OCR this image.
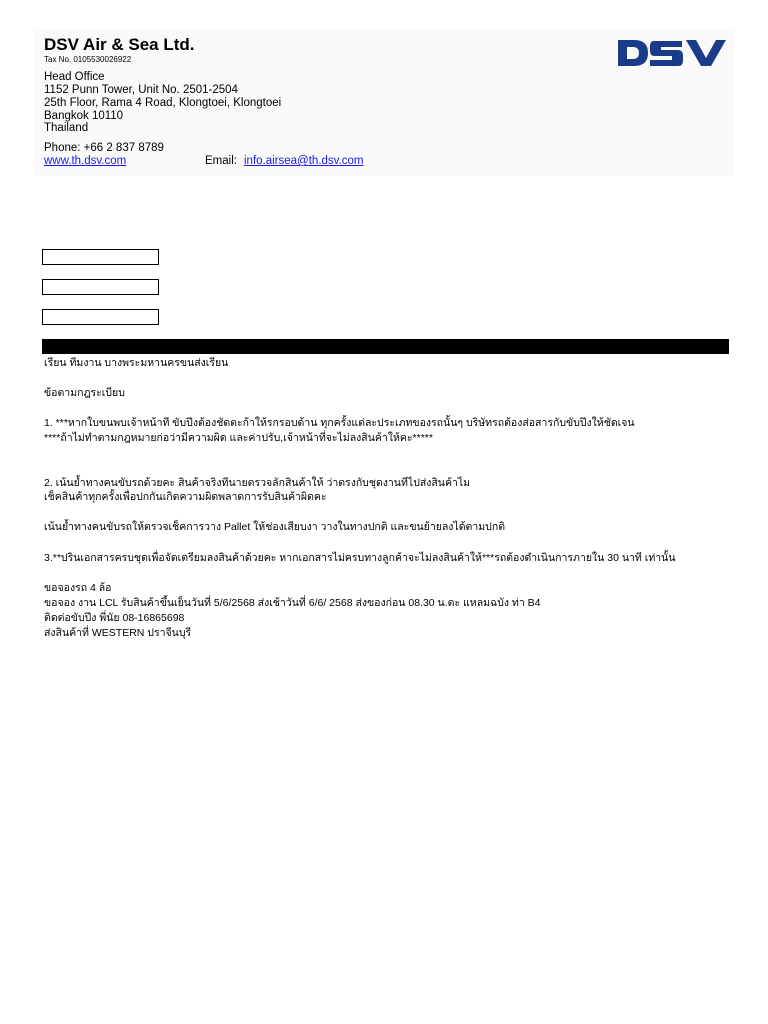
DSV Air & Sea Ltd.
Tax No. 0105530026922
Head Office
1152 Punn Tower, Unit No. 2501-2504
25th Floor, Rama 4 Road, Klongtoei, Klongtoei
Bangkok 10110
Thailand
Phone: +66 2 837 8789
www.th.dsv.com	Email: info.airsea@th.dsv.com
เรียน ทีมงาน บางพระมหานครขนส่งเรียน
ข้อตามกฎระเบียบ
1. ***หากใบขนพบเจ้าหน้าที ขับปึงต้องชัดตะก้าให้รกรอบด้าน ทุกครั้งแต่ละประเภทของรถนั้นๆ บริษัทรถต้องส่อสารกับขับปึงให้ชัดเจน
****ถ้าไม่ทำตามกฎหมายก่อว่ามีความผิด และค่าปรับ,เจ้าหน้าที่จะไม่ลงสินค้าให้คะ*****
2. เน้นย้ำทางคนขับรถด้วยคะ สินค้าจริงทีนายตรวจลักสินค้าให้ ว่าตรงกับชุดงานทีไปส่งสินค้าไม
เช็คสินค้าทุกครั้งเพื่อปกกันเกิดความผิดพลาดการรับสินค้าผิดคะ
เน้นย้ำทางคนขับรถให้ตรวจเช็คการวาง Pallet ให้ช่องเสียบงา วางในทางปกติ และขนย้ายลงได้ตามปกติ
3.**ปรินเอกสารครบชุดเพื่อจัดเตรียมลงสินค้าด้วยคะ หากเอกสารไม่ครบทางลูกค้าจะไม่ลงสินค้าให้***รถต้องดำเนินการภายใน 30 นาที เท่านั้น
ขอจองรถ 4 ล้อ
ขอจอง งาน LCL รับสินค้าขึ้นเย็นวันที่ 5/6/2568 ส่งเช้าวันที่ 6/6/ 2568 ส่งของก่อน 08.30 น.ตะ แหลมฉบัง ท่า B4
ติดต่อขับปึง พี่นัย 08-16865698
ส่งสินค้าที่ WESTERN ปราจีนบุรี
